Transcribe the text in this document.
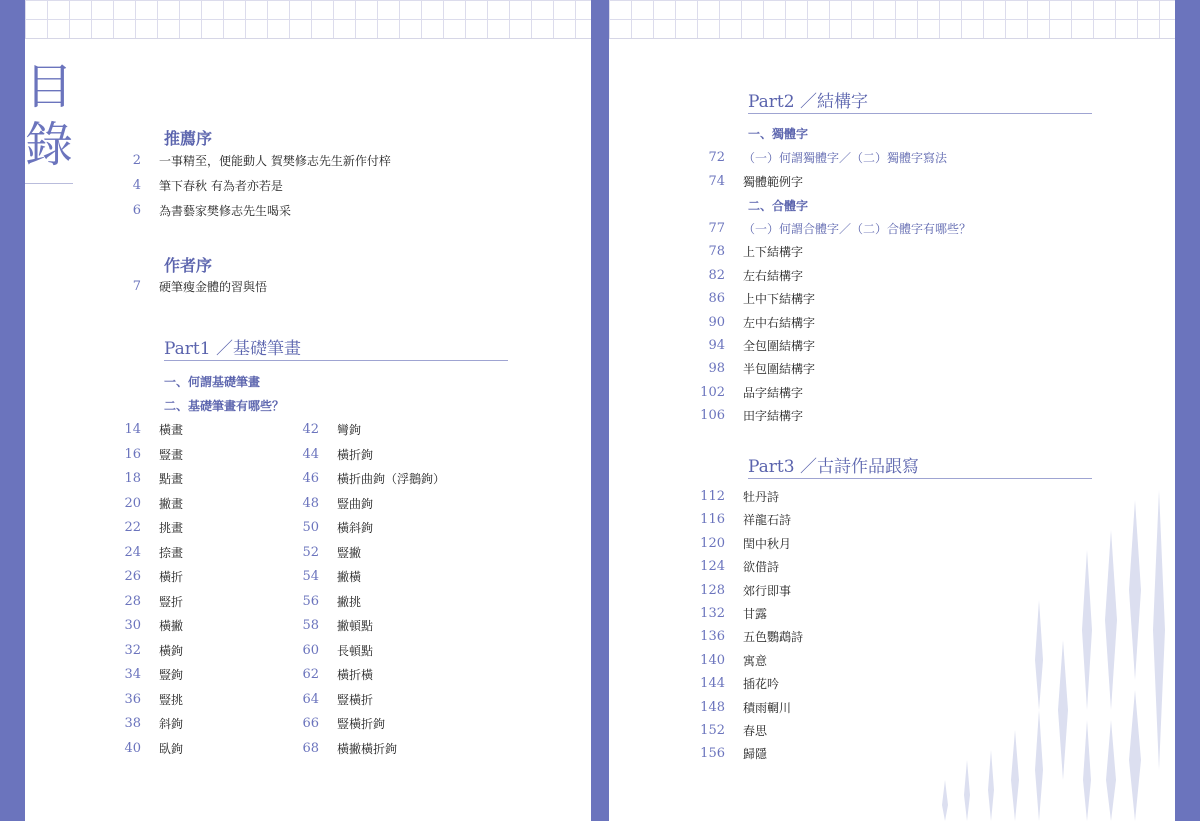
目
錄	推薦序
2 一事精至，便能動人 賀樊修志先生新作付梓
4 筆下春秋 有為者亦若是
6 為書藝家樊修志先生喝采
作者序
7 硬筆瘦金體的習與悟
Part1 ／基礎筆畫
一、何謂基礎筆畫
二、基礎筆畫有哪些？
14 橫畫
16 豎畫
18 點畫
20 撇畫
22 挑畫
24 捺畫
26 橫折
28 豎折
30 橫撇
32 橫鉤
34 豎鉤
36 豎挑
38 斜鉤
40 臥鉤
42 彎鉤
44 橫折鉤
46 橫折曲鉤（浮鵝鉤）
48 豎曲鉤
50 橫斜鉤
52 豎撇
54 撇橫
56 撇挑
58 撇頓點
60 長頓點
62 橫折橫
64 豎橫折
66 豎橫折鉤
68 橫撇橫折鉤
Part2 ／結構字
一、獨體字
72 （一）何謂獨體字／（二）獨體字寫法
74 獨體範例字
二、合體字
77 （一）何謂合體字／（二）合體字有哪些？
78 上下結構字
82 左右結構字
86 上中下結構字
90 左中右結構字
94 全包圍結構字
98 半包圍結構字
102 品字結構字
106 田字結構字
Part3 ／古詩作品跟寫
112 牡丹詩
116 祥龍石詩
120 閏中秋月
124 欲借詩
128 郊行即事
132 甘露
136 五色鸚鵡詩
140 寓意
144 插花吟
148 積雨輞川
152 春思
156 歸隱
